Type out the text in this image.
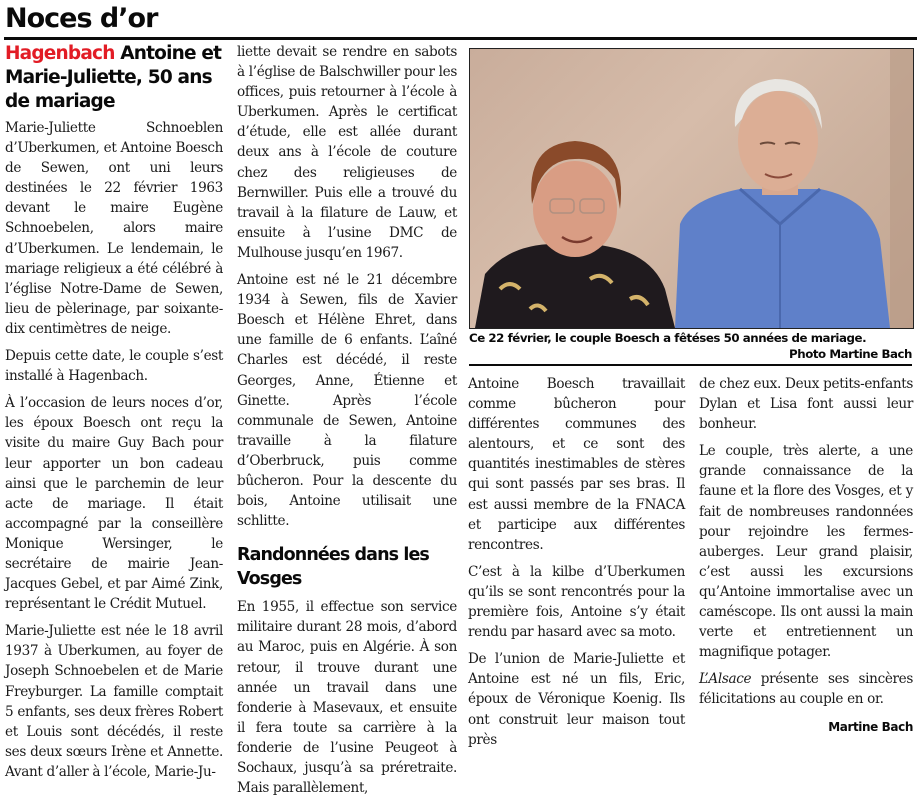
Noces d’or
Hagenbach Antoine et Marie-Juliette, 50 ans de mariage

Marie-Juliette Schnoeblen d’Uberkumen, et Antoine Boesch de Sewen, ont uni leurs destinées le 22 février 1963 devant le maire Eugène Schnoebelen, alors maire d’Uberkumen. Le lendemain, le mariage religieux a été célébré à l’église Notre-Dame de Sewen, lieu de pèlerinage, par soixante-dix centimètres de neige.

Depuis cette date, le couple s’est installé à Hagenbach.

À l’occasion de leurs noces d’or, les époux Boesch ont reçu la visite du maire Guy Bach pour leur apporter un bon cadeau ainsi que le parchemin de leur acte de mariage. Il était accompagné par la conseillère Monique Wersinger, le secrétaire de mairie Jean-Jacques Gebel, et par Aimé Zink, représentant le Crédit Mutuel.

Marie-Juliette est née le 18 avril 1937 à Uberkumen, au foyer de Joseph Schnoebelen et de Marie Freyburger. La famille comptait 5 enfants, ses deux frères Robert et Louis sont décédés, il reste ses deux sœurs Irène et Annette. Avant d’aller à l’école, Marie-Ju-

liette devait se rendre en sabots à l’église de Balschwiller pour les offices, puis retourner à l’école à Uberkumen. Après le certificat d’étude, elle est allée durant deux ans à l’école de couture chez des religieuses de Bernwiller. Puis elle a trouvé du travail à la filature de Lauw, et ensuite à l’usine DMC de Mulhouse jusqu’en 1967.

Antoine est né le 21 décembre 1934 à Sewen, fils de Xavier Boesch et Hélène Ehret, dans une famille de 6 enfants. L’aîné Charles est décédé, il reste Georges, Anne, Étienne et Ginette. Après l’école communale de Sewen, Antoine travaille à la filature d’Oberbruck, puis comme bûcheron. Pour la descente du bois, Antoine utilisait une schlitte.

Randonnées dans les Vosges

En 1955, il effectue son service militaire durant 28 mois, d’abord au Maroc, puis en Algérie. À son retour, il trouve durant une année un travail dans une fonderie à Masevaux, et ensuite il fera toute sa carrière à la fonderie de l’usine Peugeot à Sochaux, jusqu’à sa préretraite. Mais parallèlement,

Ce 22 février, le couple Boesch a fêtéses 50 années de mariage.
Photo Martine Bach

Antoine Boesch travaillait comme bûcheron pour différentes communes des alentours, et ce sont des quantités inestimables de stères qui sont passés par ses bras. Il est aussi membre de la FNACA et participe aux différentes rencontres.

C’est à la kilbe d’Uberkumen qu’ils se sont rencontrés pour la première fois, Antoine s’y était rendu par hasard avec sa moto.

De l’union de Marie-Juliette et Antoine est né un fils, Eric, époux de Véronique Koenig. Ils ont construit leur maison tout près

de chez eux. Deux petits-enfants Dylan et Lisa font aussi leur bonheur.

Le couple, très alerte, a une grande connaissance de la faune et la flore des Vosges, et y fait de nombreuses randonnées pour rejoindre les fermes-auberges. Leur grand plaisir, c’est aussi les excursions qu’Antoine immortalise avec un caméscope. Ils ont aussi la main verte et entretiennent un magnifique potager.

L’Alsace présente ses sincères félicitations au couple en or.

Martine Bach
